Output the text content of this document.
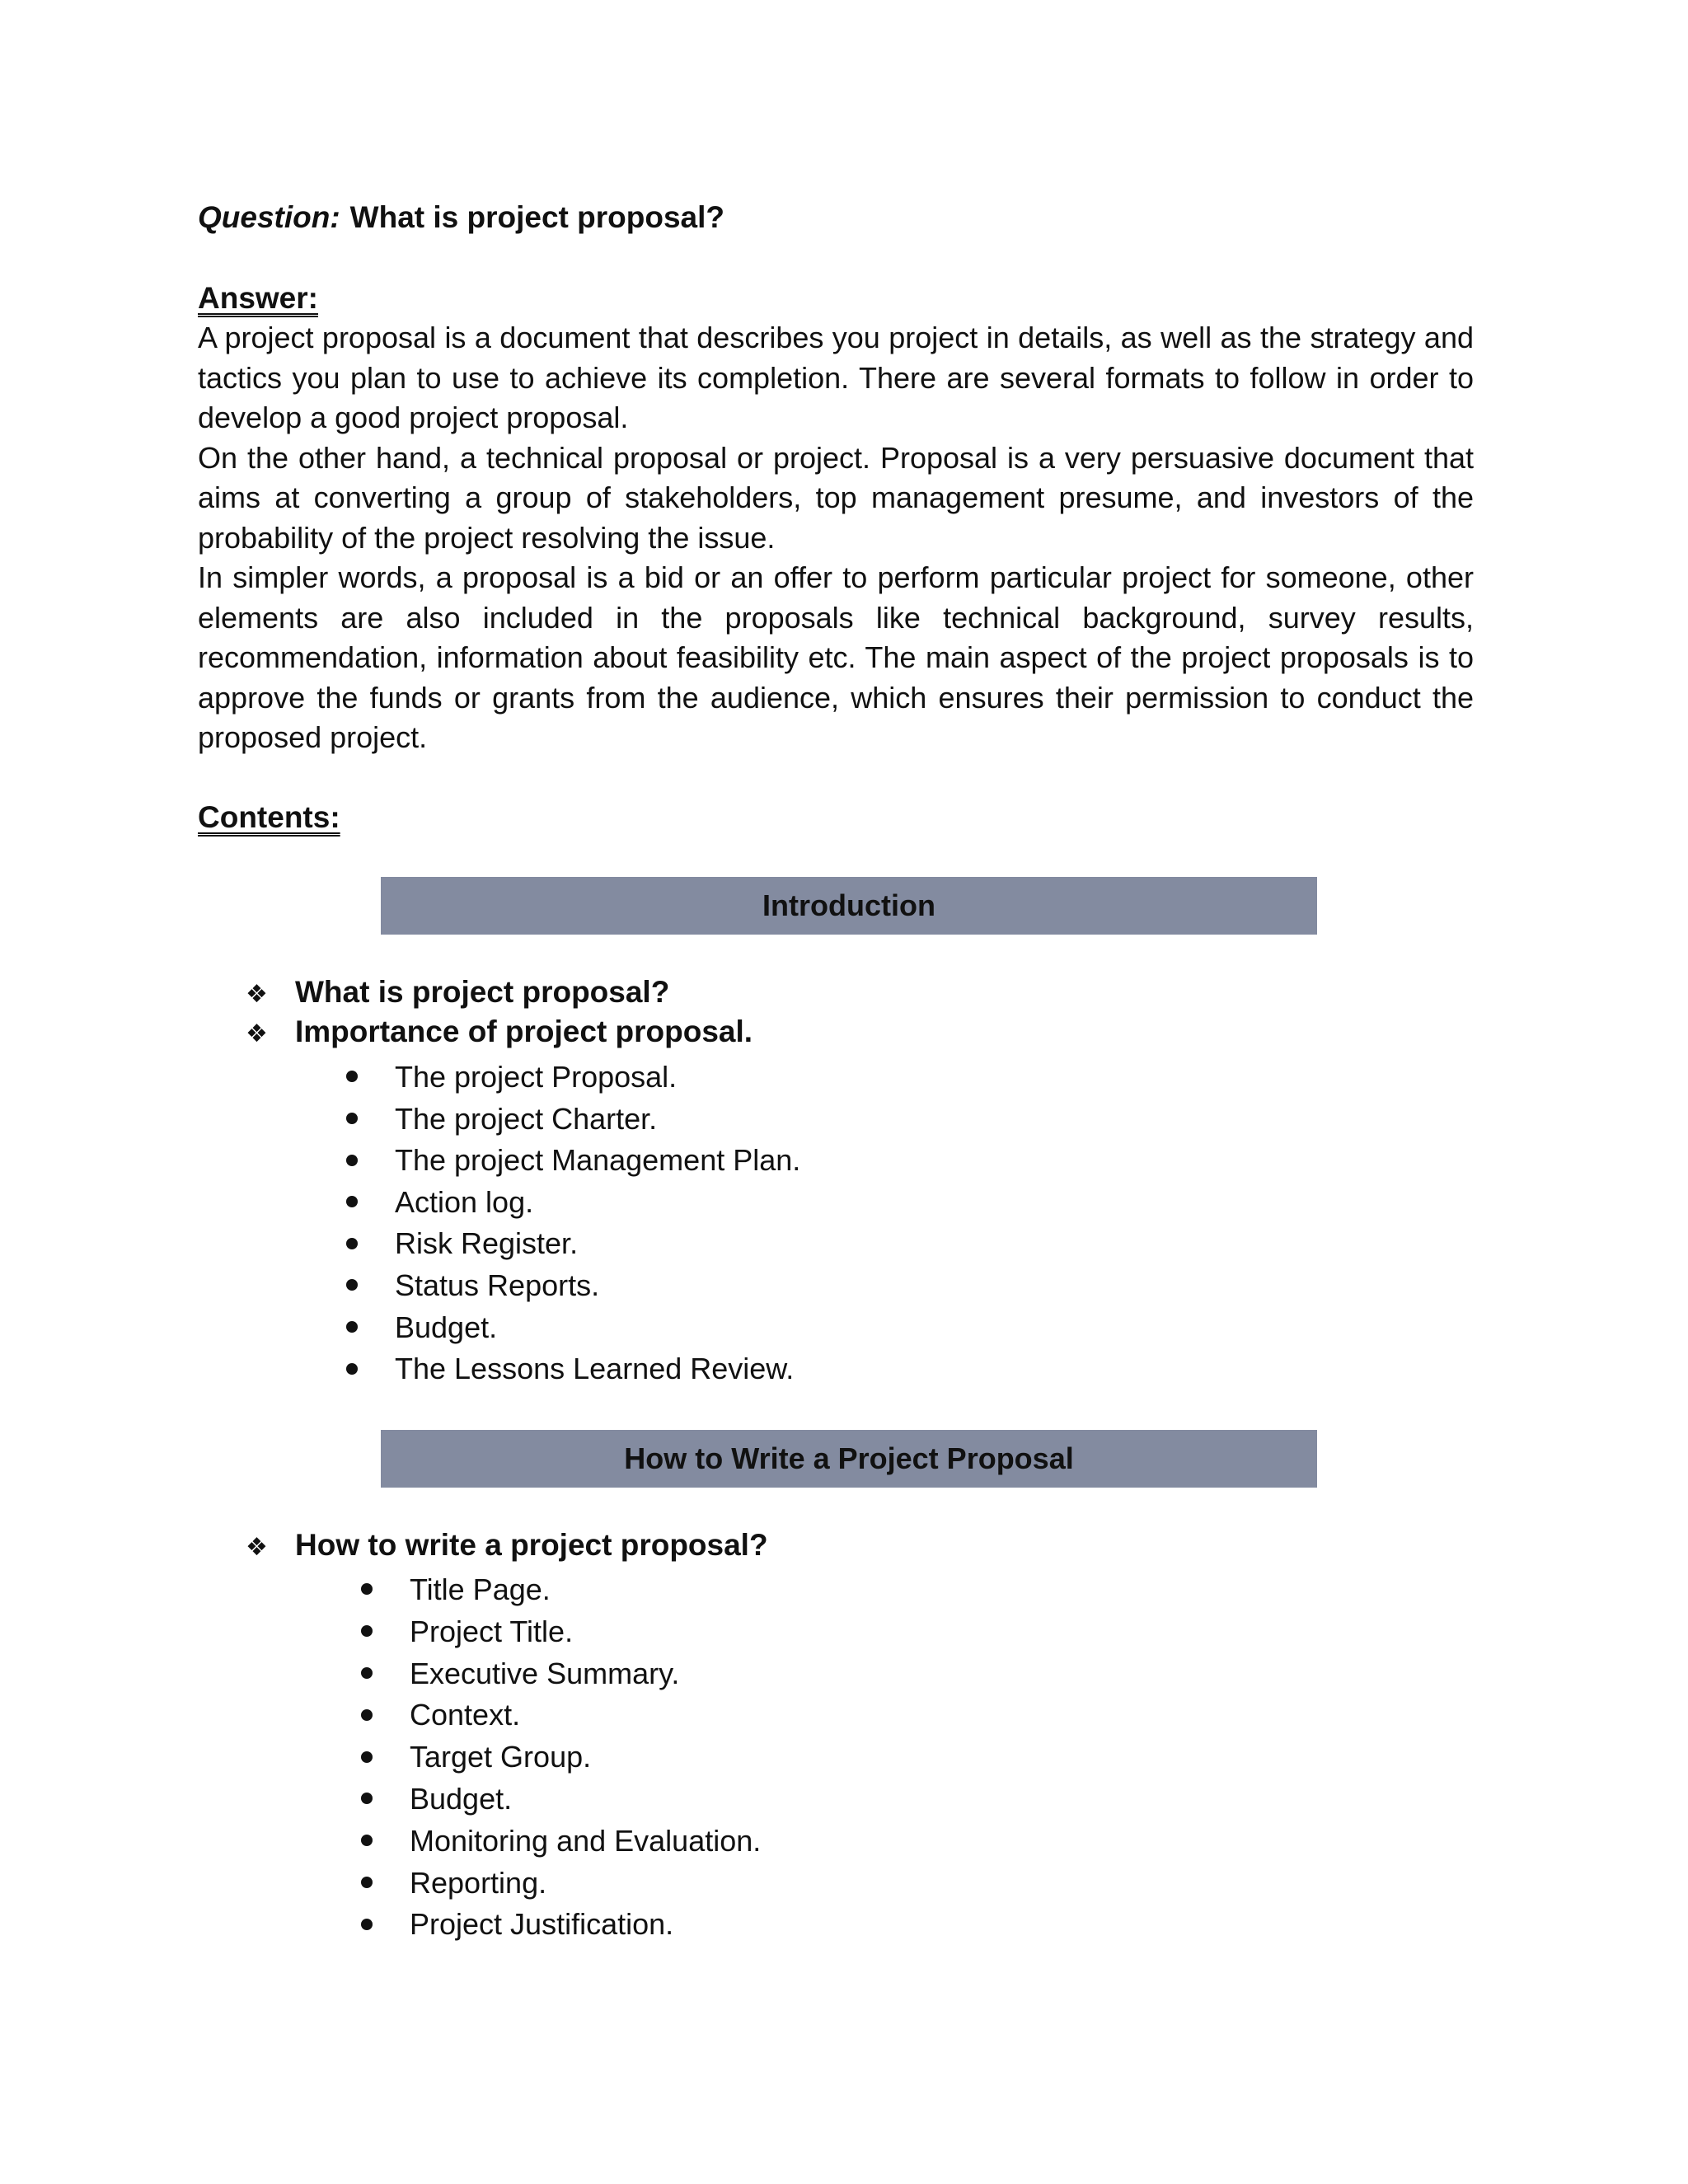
Question: What is project proposal?
Answer:

A project proposal is a document that describes you project in details, as well as the strategy and tactics you plan to use to achieve its completion. There are several formats to follow in order to develop a good project proposal.

On the other hand, a technical proposal or project. Proposal is a very persuasive document that aims at converting a group of stakeholders, top management presume, and investors of the probability of the project resolving the issue.

In simpler words, a proposal is a bid or an offer to perform particular project for someone, other elements are also included in the proposals like technical background, survey results, recommendation, information about feasibility etc. The main aspect of the project proposals is to approve the funds or grants from the audience, which ensures their permission to conduct the proposed project.

Contents:
Introduction
❖ What is project proposal?
❖ Importance of project proposal.
The project Proposal.
The project Charter.
The project Management Plan.
Action log.
Risk Register.
Status Reports.
Budget.
The Lessons Learned Review.
How to Write a Project Proposal
❖ How to write a project proposal?
Title Page.
Project Title.
Executive Summary.
Context.
Target Group.
Budget.
Monitoring and Evaluation.
Reporting.
Project Justification.
